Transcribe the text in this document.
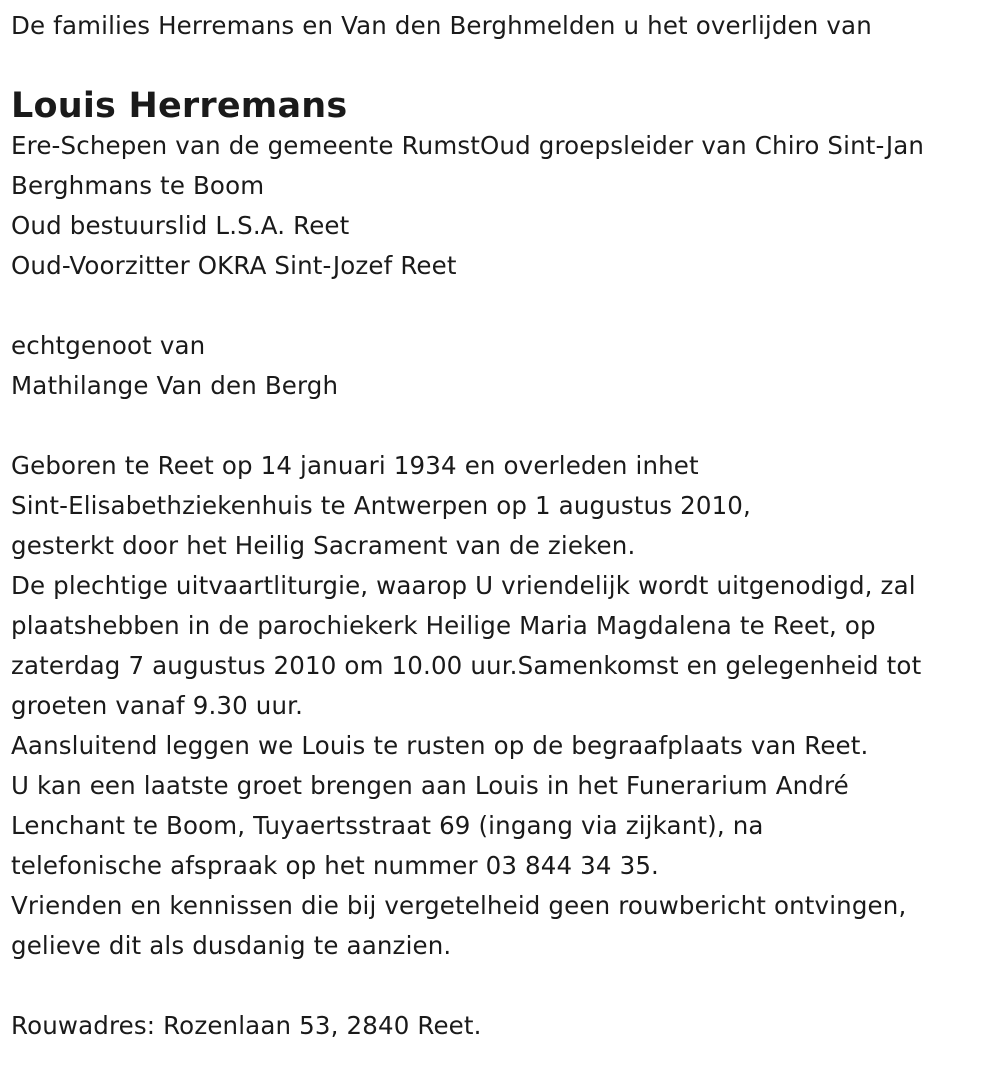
De families Herremans en Van den Berghmelden u het overlijden van
Louis Herremans
Ere-Schepen van de gemeente RumstOud groepsleider van Chiro Sint-Jan
Berghmans te Boom
Oud bestuurslid L.S.A. Reet
Oud-Voorzitter OKRA Sint-Jozef Reet
echtgenoot van
Mathilange Van den Bergh
Geboren te Reet op 14 januari 1934 en overleden inhet
Sint-Elisabethziekenhuis te Antwerpen op 1 augustus 2010,
gesterkt door het Heilig Sacrament van de zieken.
De plechtige uitvaartliturgie, waarop U vriendelijk wordt uitgenodigd, zal
plaatshebben in de parochiekerk Heilige Maria Magdalena te Reet, op
zaterdag 7 augustus 2010 om 10.00 uur.Samenkomst en gelegenheid tot
groeten vanaf 9.30 uur.
Aansluitend leggen we Louis te rusten op de begraafplaats van Reet.
U kan een laatste groet brengen aan Louis in het Funerarium André
Lenchant te Boom, Tuyaertsstraat 69 (ingang via zijkant), na
telefonische afspraak op het nummer 03 844 34 35.
Vrienden en kennissen die bij vergetelheid geen rouwbericht ontvingen,
gelieve dit als dusdanig te aanzien.
Rouwadres: Rozenlaan 53, 2840 Reet.
